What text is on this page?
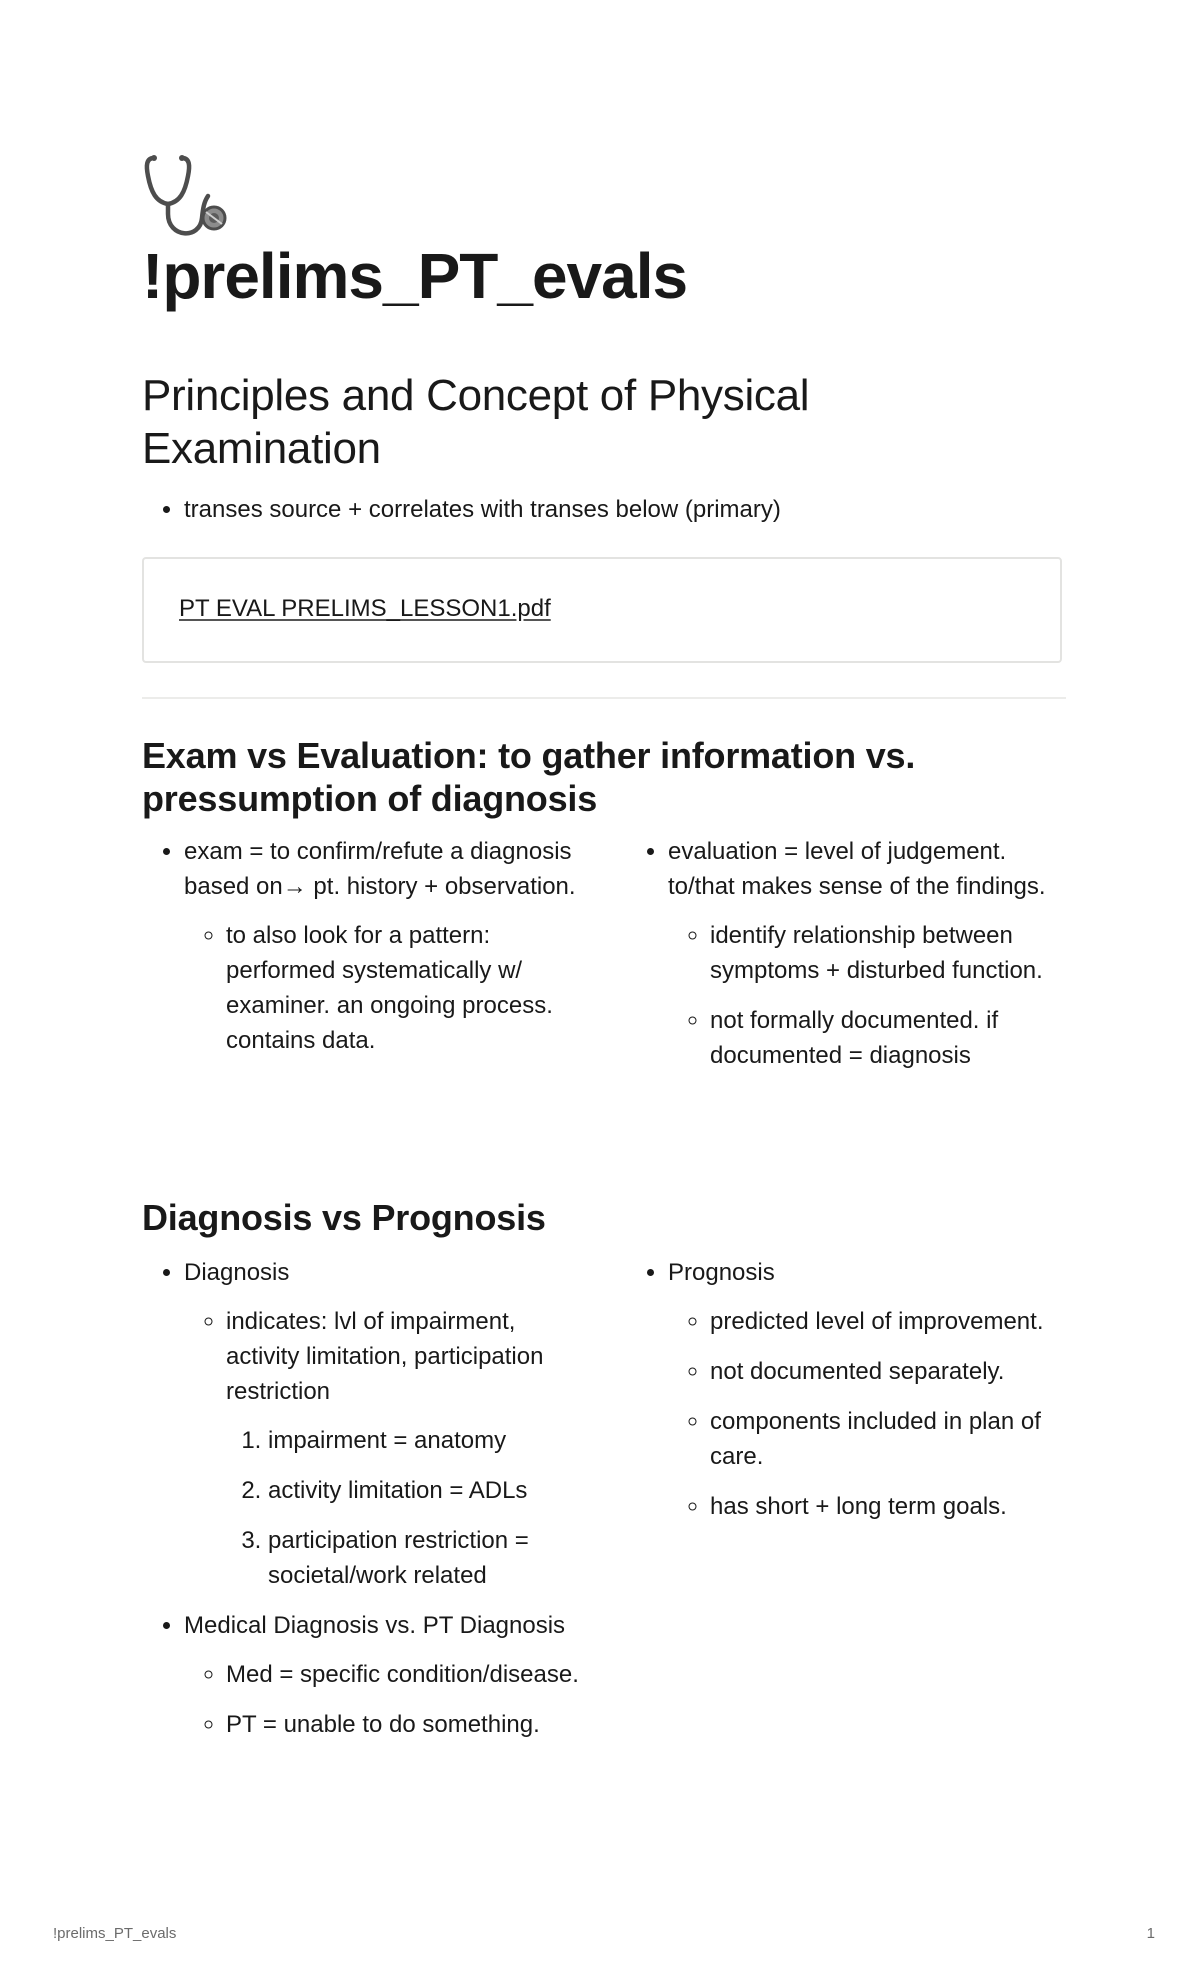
!prelims_PT_evals
Principles and Concept of Physical Examination
• transes source + correlates with transes below (primary)
PT EVAL PRELIMS_LESSON1.pdf
Exam vs Evaluation: to gather information vs. pressumption of diagnosis
• exam = to confirm/refute a diagnosis based on→ pt. history + observation.
◦ to also look for a pattern: performed systematically w/ examiner. an ongoing process. contains data.
• evaluation = level of judgement. to/that makes sense of the findings.
◦ identify relationship between symptoms + disturbed function.
◦ not formally documented. if documented = diagnosis
Diagnosis vs Prognosis
• Diagnosis
◦ indicates: lvl of impairment, activity limitation, participation restriction
1. impairment = anatomy
2. activity limitation = ADLs
3. participation restriction = societal/work related
• Medical Diagnosis vs. PT Diagnosis
◦ Med = specific condition/disease.
◦ PT = unable to do something.
• Prognosis
◦ predicted level of improvement.
◦ not documented separately.
◦ components included in plan of care.
◦ has short + long term goals.
!prelims_PT_evals	1
